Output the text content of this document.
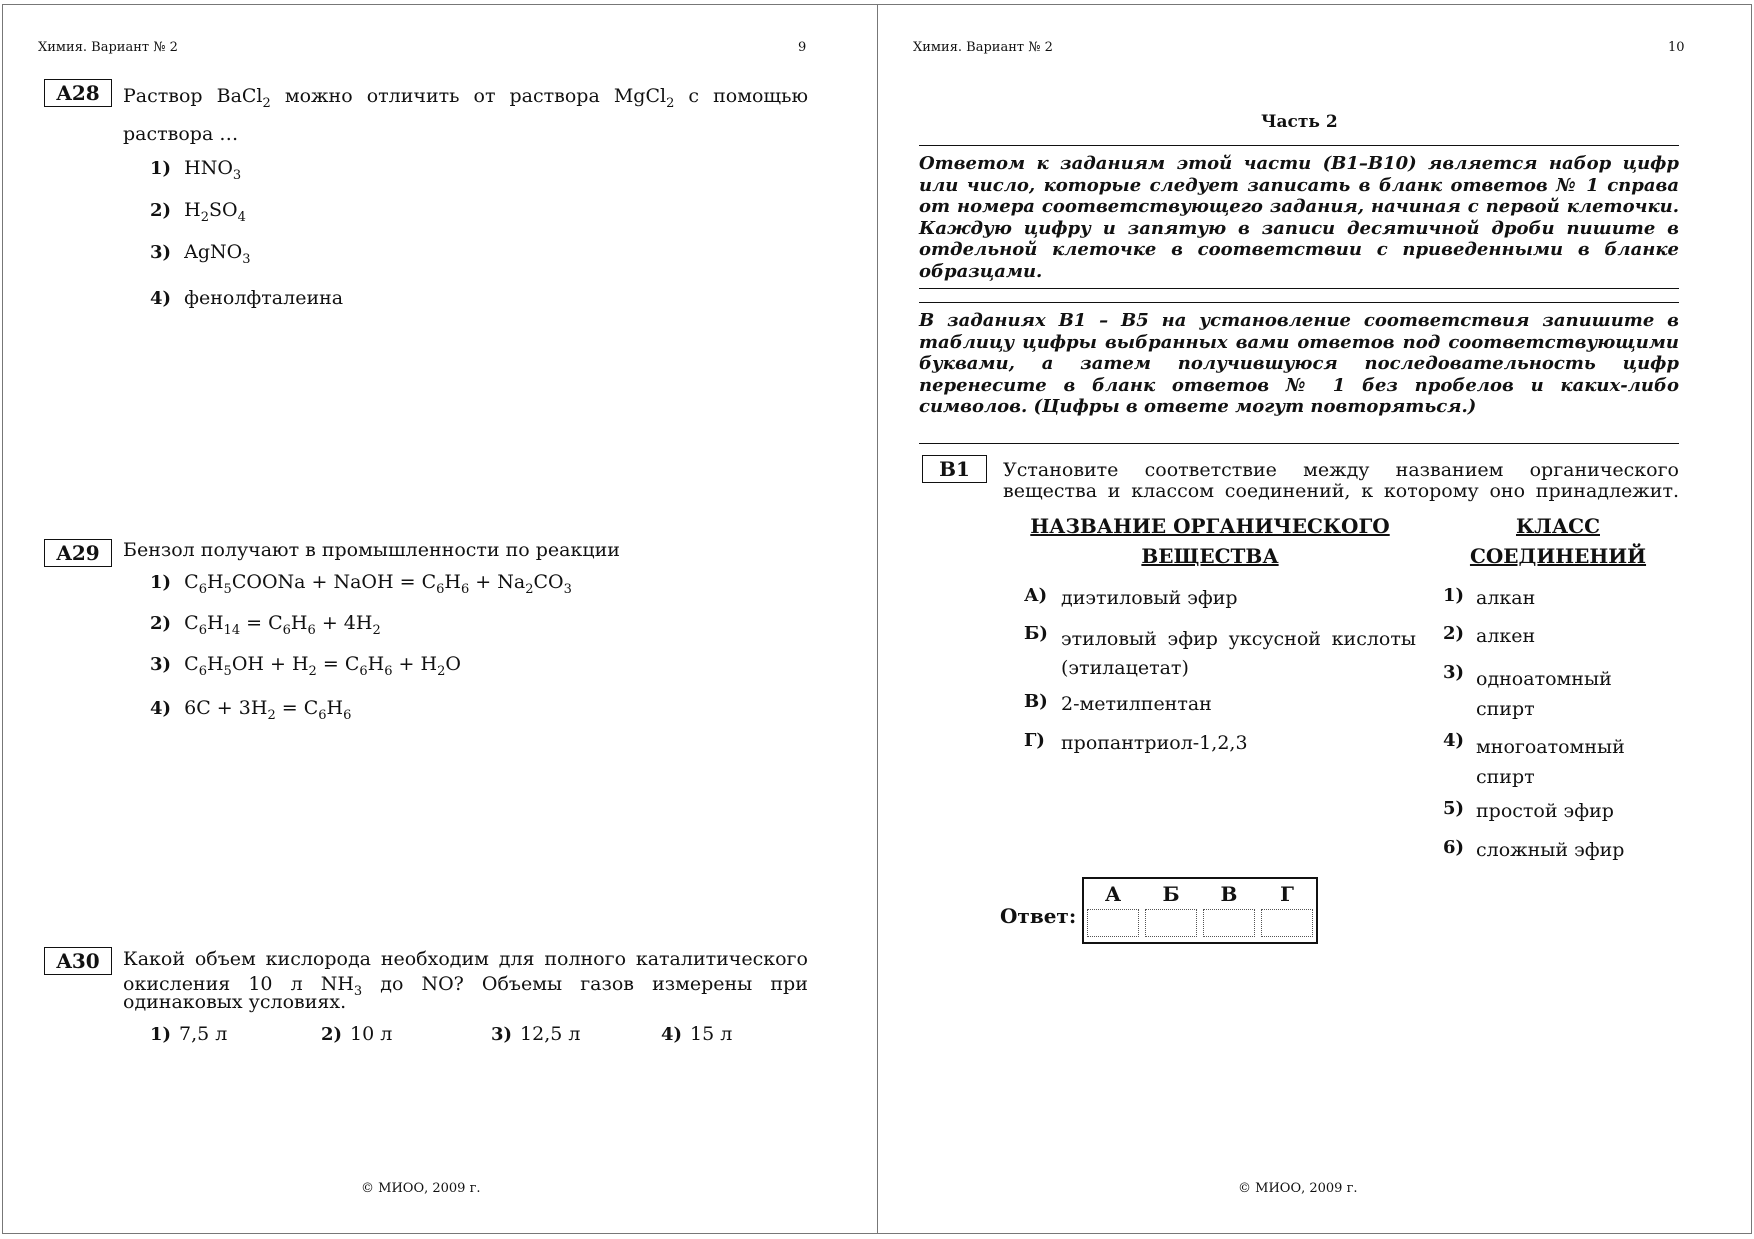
Химия. Вариант № 2	9
A28	Раствор BaCl$_2$ можно отличить от раствора MgCl$_2$ с помощью
раствора …
1) $HNO_3$
2) $H_2SO_4$
3) AgNO$_3$
4) фенолфталеина
A29	Бензол получают в промышленности по реакции
1) $C_6H_5COONa$ + NaOH = $C_6H_6 + Na_2CO_3$
2) $C_6H_{14} = C_6H_6 + 4H_2$
3) $C_6H_5OH + H_2 = C_6H_6 + H_2O$
4) $6C + 3H_2 = C_6H_6$
A30	Какой объем кислорода необходим для полного каталитического
окисления 10 л $NH_3$ до NO? Объемы газов измерены при
одинаковых условиях.
1) 7,5 л	2) 10 л	3) 12,5 л	4) 15 л
© МИОО, 2009 г.
Химия. Вариант № 2	10
Часть 2
Ответом к заданиям этой части (В1–В10) является набор цифр или число, которые следует записать в бланк ответов № 1 справа от номера соответствующего задания, начиная с первой клеточки. Каждую цифру и запятую в записи десятичной дроби пишите в отдельной клеточке в соответствии с приведенными в бланке образцами.
В заданиях В1 – В5 на установление соответствия запишите в таблицу цифры выбранных вами ответов под соответствующими буквами, а затем получившуюся последовательность цифр перенесите в бланк ответов № 1 без пробелов и каких-либо символов. (Цифры в ответе могут повторяться.)
В1	Установите соответствие между названием органического вещества и классом соединений, к которому оно принадлежит.
НАЗВАНИЕ ОРГАНИЧЕСКОГО
ВЕЩЕСТВА
КЛАСС
СОЕДИНЕНИЙ
А) диэтиловый эфир
Б) этиловый эфир уксусной кислоты (этилацетат)
В) 2-метилпентан
Г) пропантриол-1,2,3
1) алкан
2) алкен
3) одноатомный спирт
4) многоатомный спирт
5) простой эфир
6) сложный эфир
Ответ:
А	Б	В	Г

© МИОО, 2009 г.
